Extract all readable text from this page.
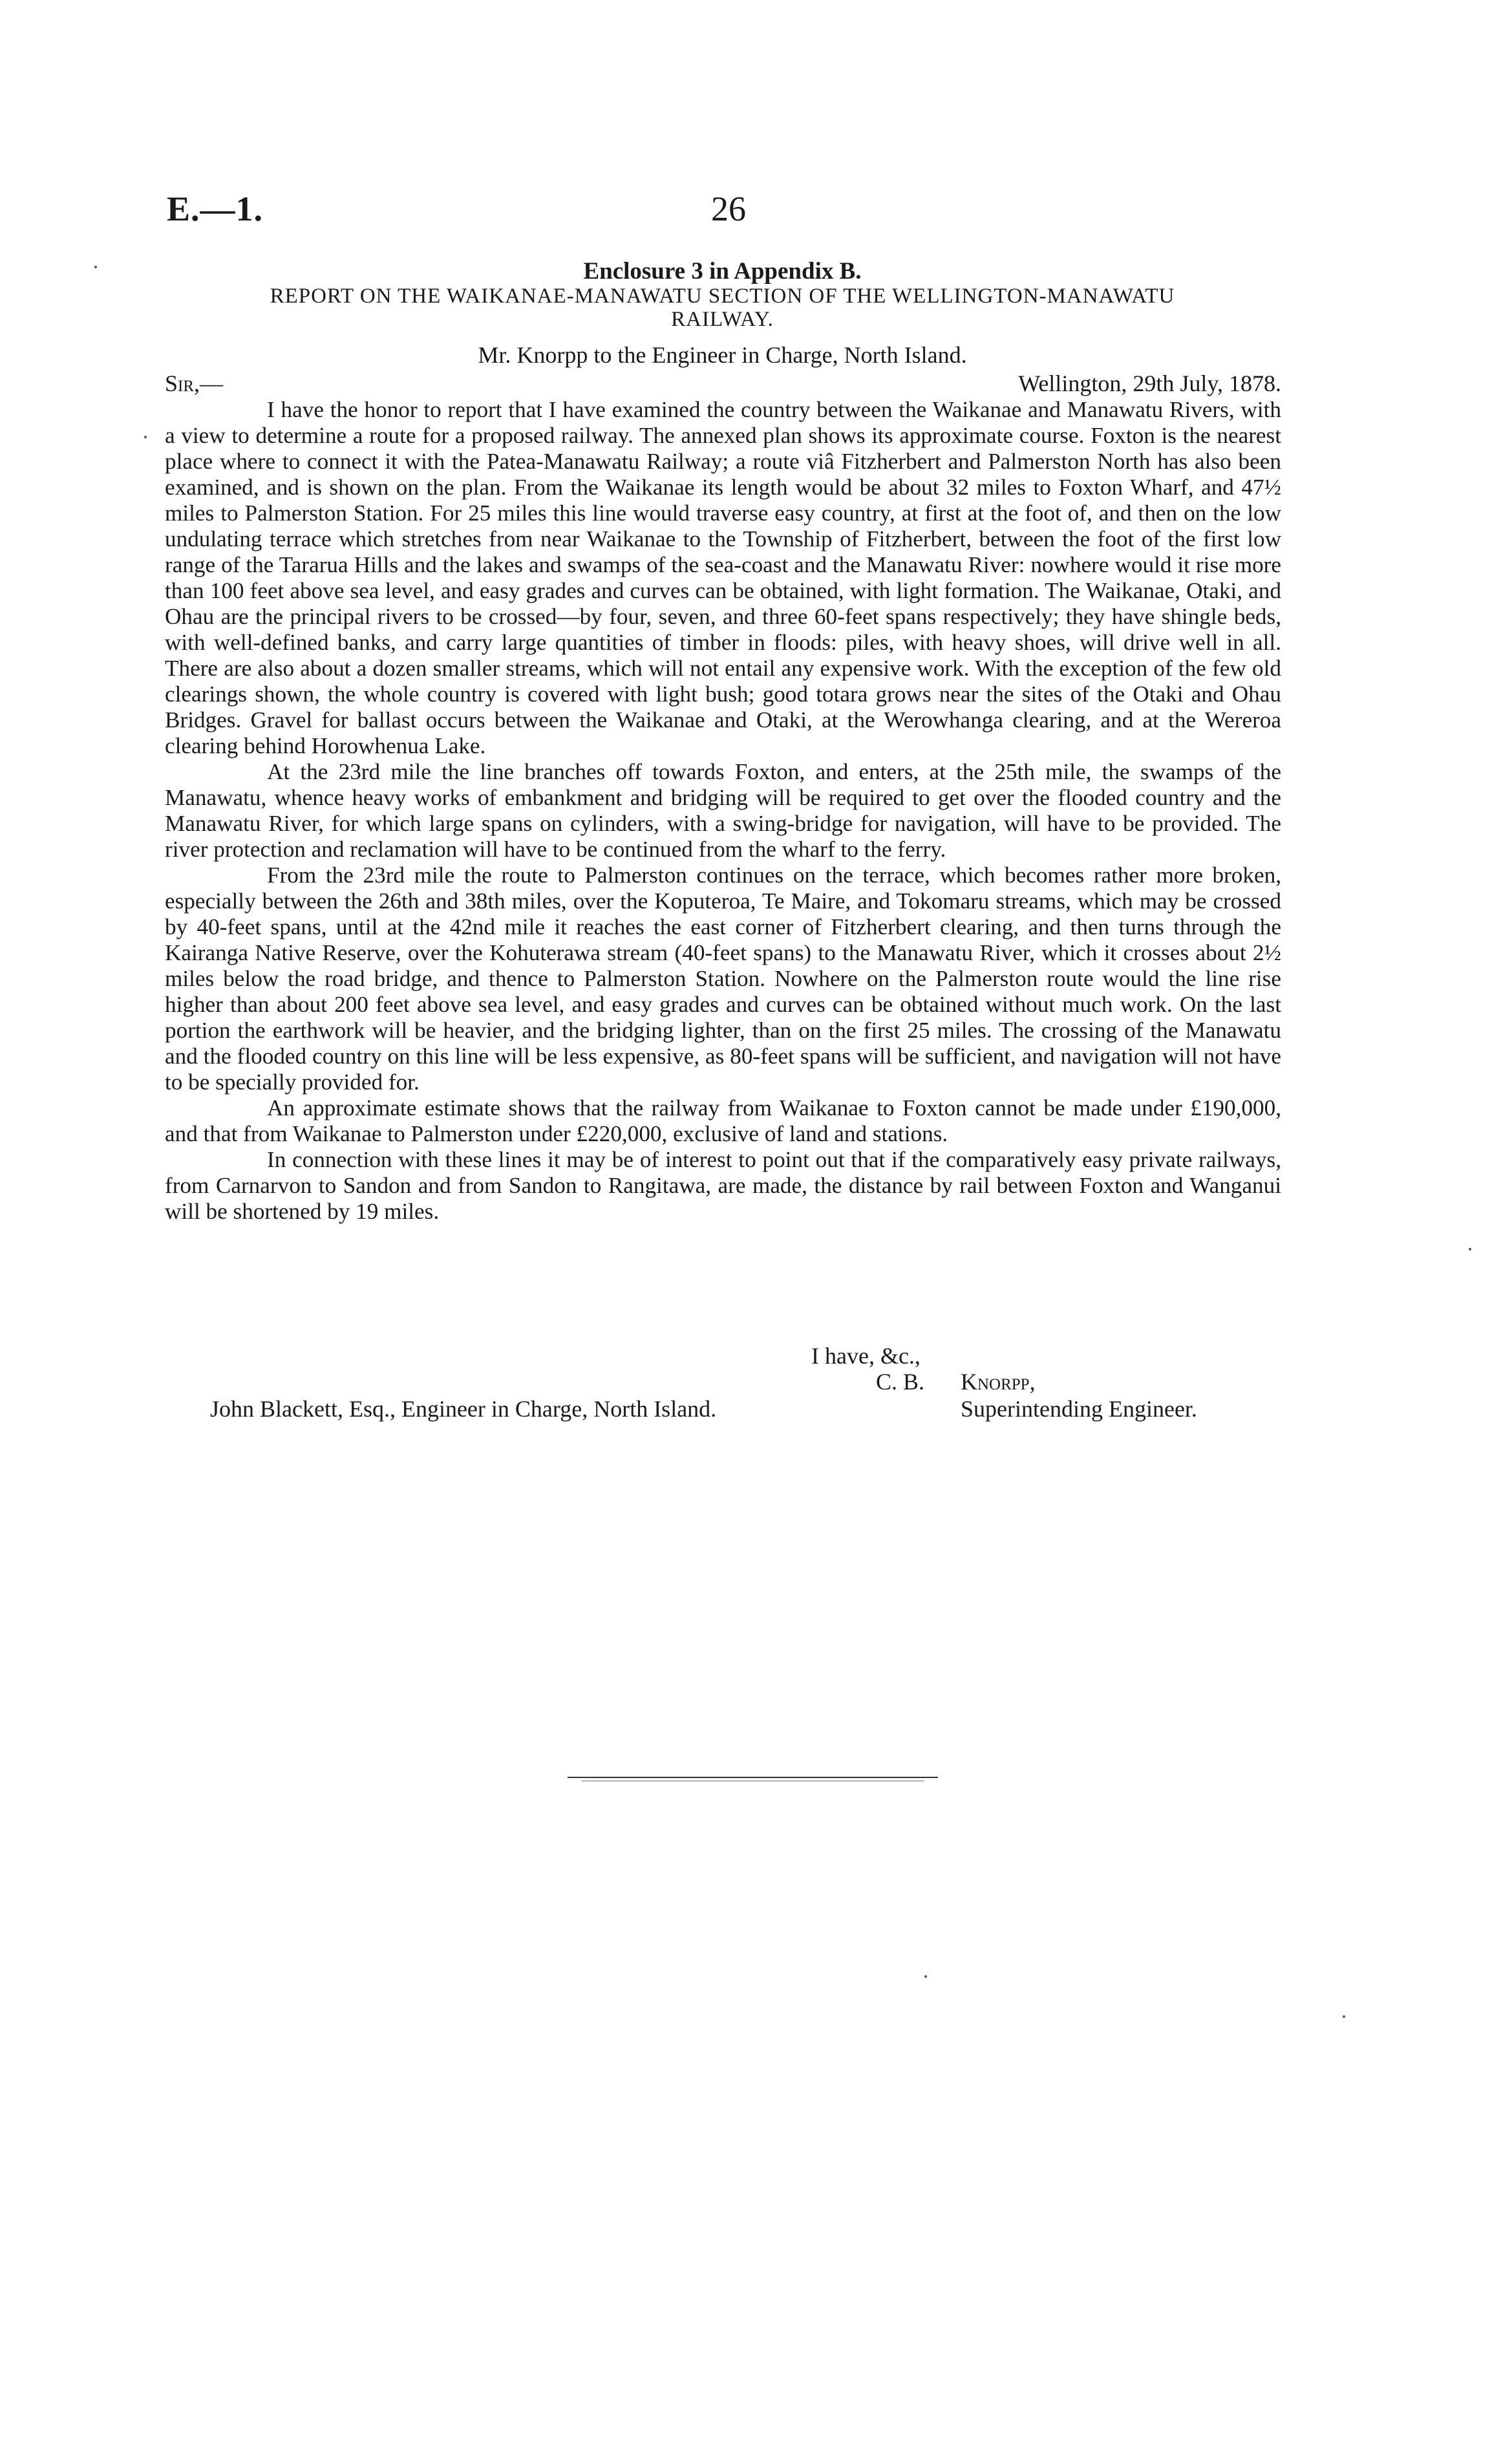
E.—1.	26
Enclosure 3 in Appendix B.
REPORT ON THE WAIKANAE-MANAWATU SECTION OF THE WELLINGTON-MANAWATU
RAILWAY.
Mr. Knorpp to the Engineer in Charge, North Island.
Sir,—	Wellington, 29th July, 1878.

I have the honor to report that I have examined the country between the Waikanae and Manawatu Rivers, with a view to determine a route for a proposed railway. The annexed plan shows its approximate course. Foxton is the nearest place where to connect it with the Patea-Manawatu Railway; a route viâ Fitzherbert and Palmerston North has also been examined, and is shown on the plan. From the Waikanae its length would be about 32 miles to Foxton Wharf, and 47½ miles to Palmerston Station. For 25 miles this line would traverse easy country, at first at the foot of, and then on the low undulating terrace which stretches from near Waikanae to the Township of Fitzherbert, between the foot of the first low range of the Tararua Hills and the lakes and swamps of the sea-coast and the Manawatu River: nowhere would it rise more than 100 feet above sea level, and easy grades and curves can be obtained, with light formation. The Waikanae, Otaki, and Ohau are the principal rivers to be crossed—by four, seven, and three 60-feet spans respectively; they have shingle beds, with well-defined banks, and carry large quantities of timber in floods: piles, with heavy shoes, will drive well in all. There are also about a dozen smaller streams, which will not entail any expensive work. With the exception of the few old clearings shown, the whole country is covered with light bush; good totara grows near the sites of the Otaki and Ohau Bridges. Gravel for ballast occurs between the Waikanae and Otaki, at the Werowhanga clearing, and at the Wereroa clearing behind Horowhenua Lake.

At the 23rd mile the line branches off towards Foxton, and enters, at the 25th mile, the swamps of the Manawatu, whence heavy works of embankment and bridging will be required to get over the flooded country and the Manawatu River, for which large spans on cylinders, with a swing-bridge for navigation, will have to be provided. The river protection and reclamation will have to be continued from the wharf to the ferry.

From the 23rd mile the route to Palmerston continues on the terrace, which becomes rather more broken, especially between the 26th and 38th miles, over the Koputeroa, Te Maire, and Tokomaru streams, which may be crossed by 40-feet spans, until at the 42nd mile it reaches the east corner of Fitzherbert clearing, and then turns through the Kairanga Native Reserve, over the Kohuterawa stream (40-feet spans) to the Manawatu River, which it crosses about 2½ miles below the road bridge, and thence to Palmerston Station. Nowhere on the Palmerston route would the line rise higher than about 200 feet above sea level, and easy grades and curves can be obtained without much work. On the last portion the earthwork will be heavier, and the bridging lighter, than on the first 25 miles. The crossing of the Manawatu and the flooded country on this line will be less expensive, as 80-feet spans will be sufficient, and navigation will not have to be specially provided for.

An approximate estimate shows that the railway from Waikanae to Foxton cannot be made under £190,000, and that from Waikanae to Palmerston under £220,000, exclusive of land and stations.

In connection with these lines it may be of interest to point out that if the comparatively easy private railways, from Carnarvon to Sandon and from Sandon to Rangitawa, are made, the distance by rail between Foxton and Wanganui will be shortened by 19 miles.

I have, &c.,
C. B. Knorpp,
John Blackett, Esq., Engineer in Charge, North Island.	Superintending Engineer.
